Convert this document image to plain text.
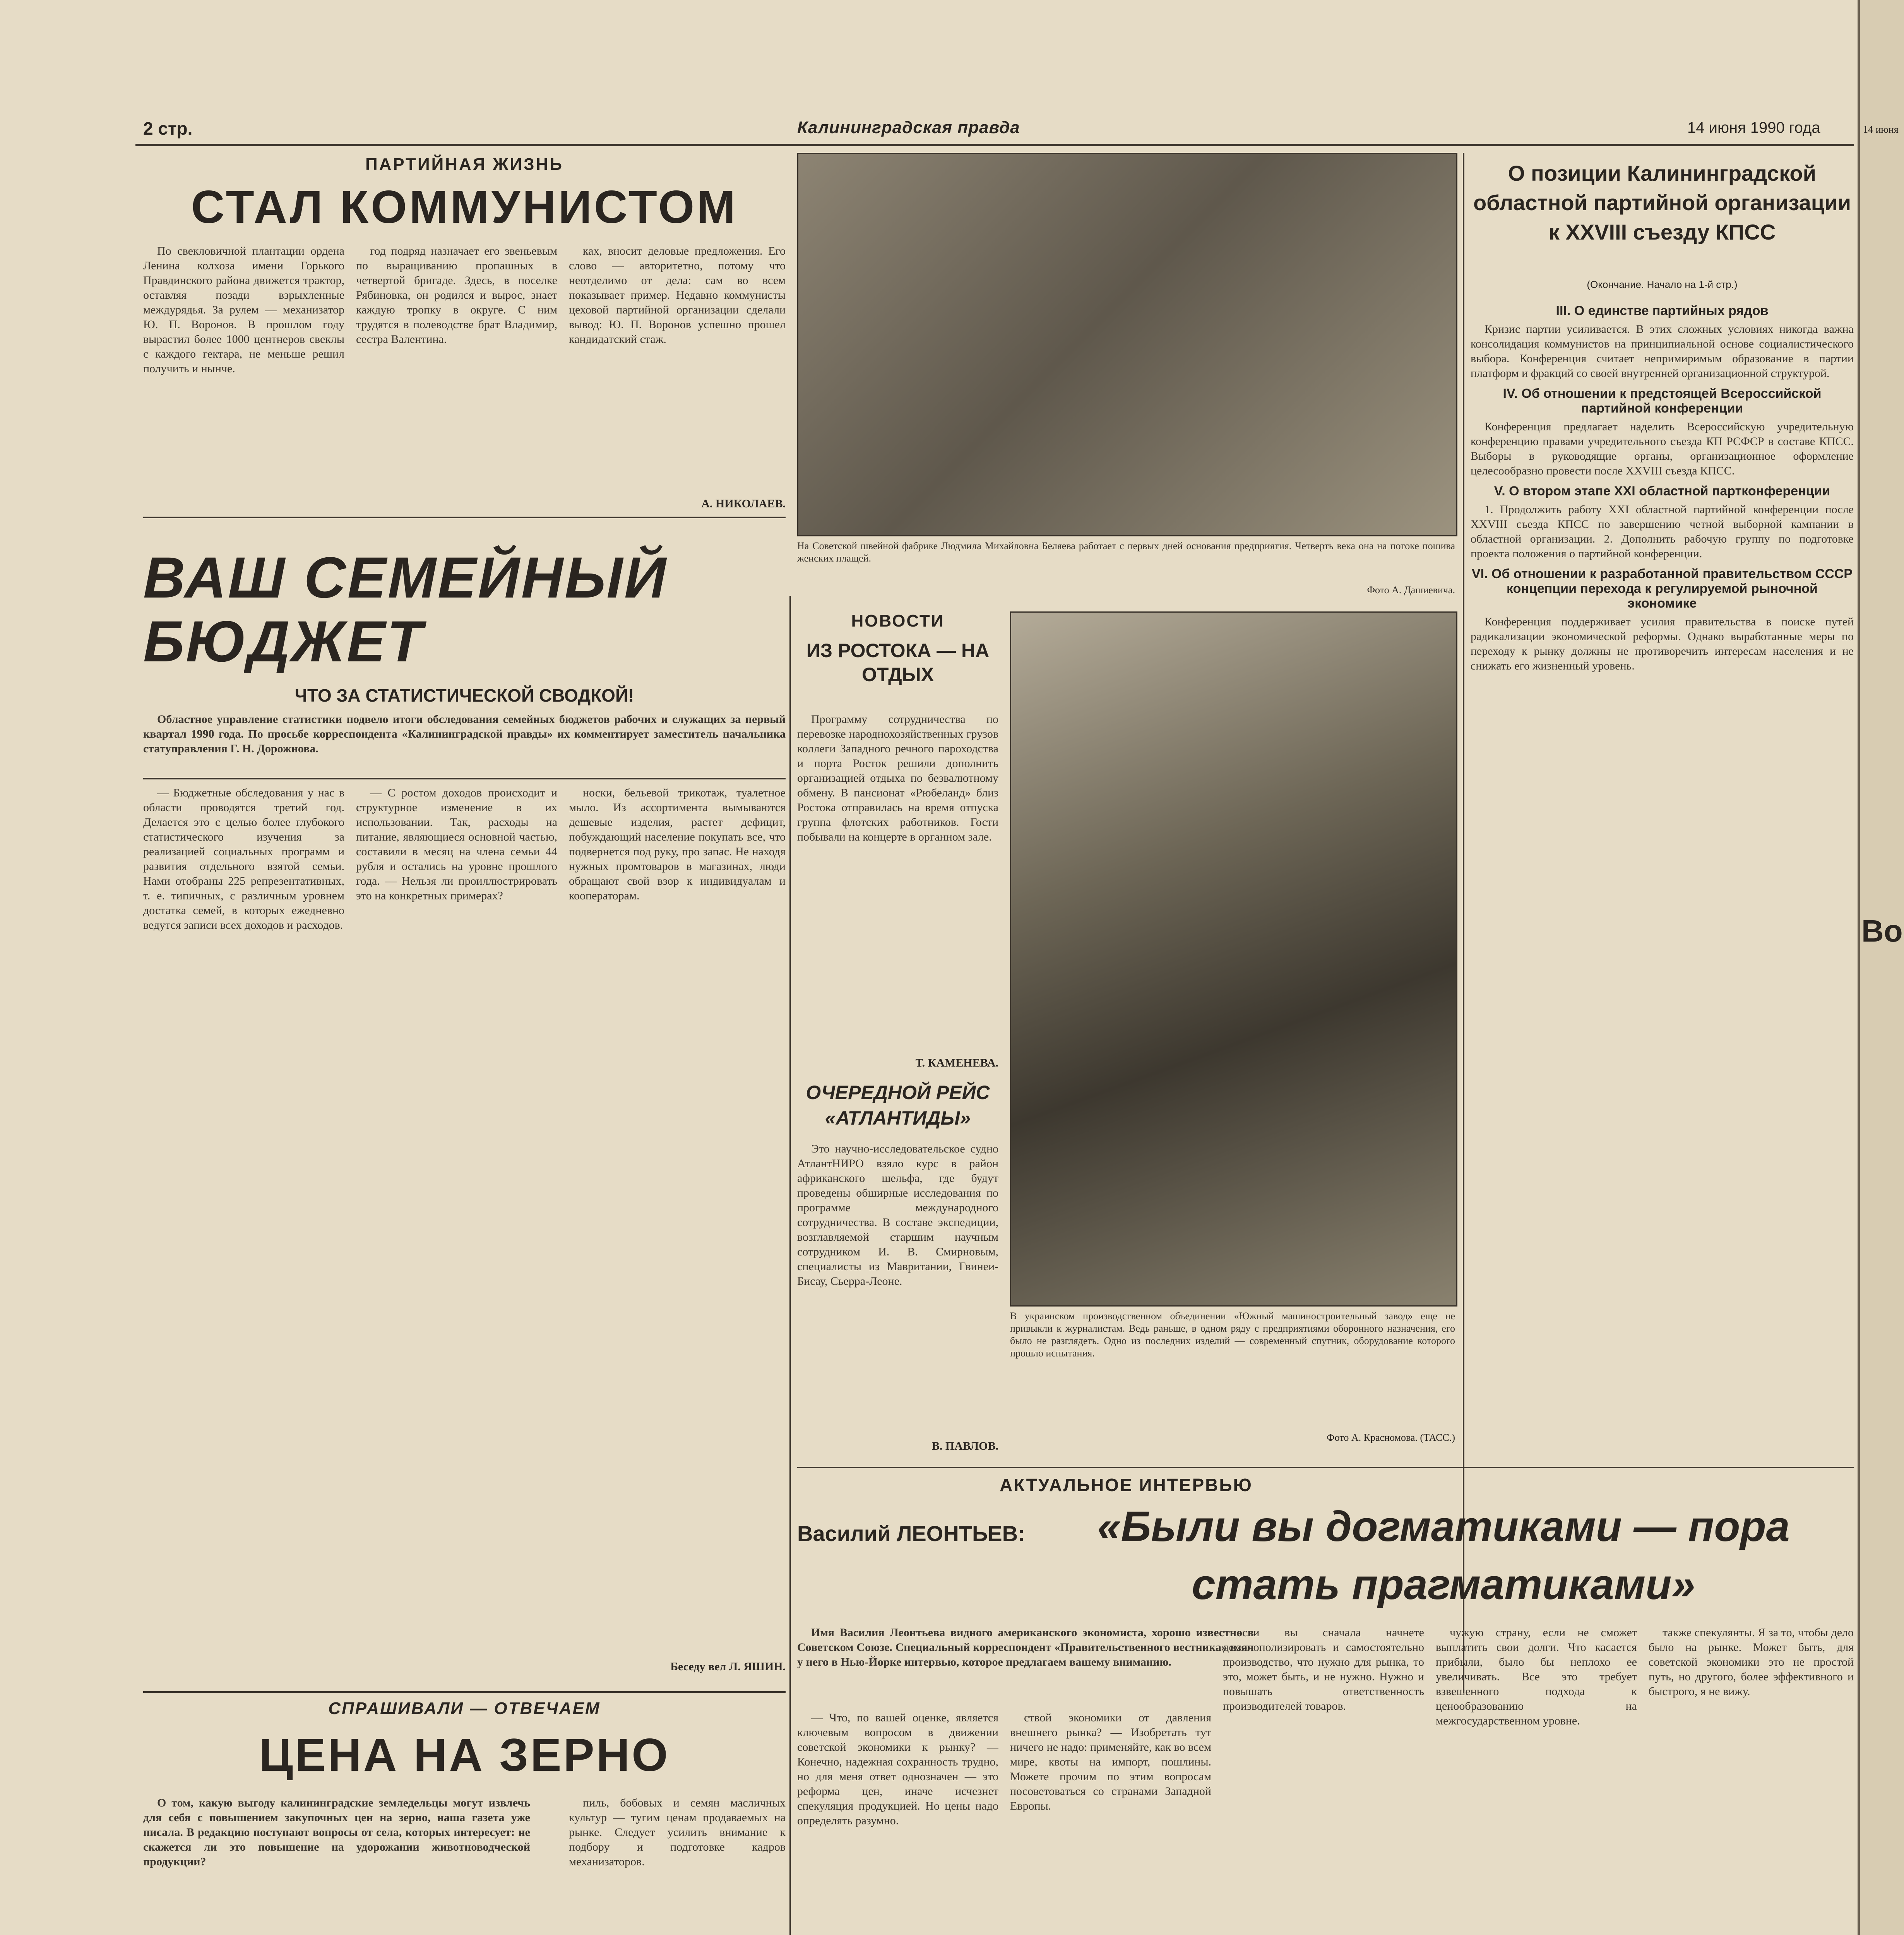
2 стр.	Калининградская правда	14 июня 1990 года
ПАРТИЙНАЯ ЖИЗНЬ
СТАЛ КОММУНИСТОМ

По свекловичной плантации ордена Ленина колхоза имени Горького Правдинского района движется трактор, оставляя позади взрыхленные междурядья. За рулем — механизатор Ю. П. Воронов. В прошлом году вырастил более 1000 центнеров свеклы с каждого гектара, не меньше решил получить и нынче.

год подряд назначает его звеньевым по выращиванию пропашных в четвертой бригаде. Здесь, в поселке Рябиновка, он родился и вырос, знает каждую тропку в округе. С ним трудятся в полеводстве брат Владимир, сестра Валентина.

ках, вносит деловые предложения. Его слово — авторитетно, потому что неотделимо от дела: сам во всем показывает пример. Недавно коммунисты цеховой партийной организации сделали вывод: Ю. П. Воронов успешно прошел кандидатский стаж.

А. НИКОЛАЕВ.
На Советской швейной фабрике Людмила Михайловна Беляева работает с первых дней основания предприятия. Четверть века она на потоке пошива женских плащей.
Фото А. Дашиевича.
О позиции Калининградской областной партийной организации к XXVIII съезду КПСС
(Окончание. Начало на 1-й стр.)
III. О единстве партийных рядов

Кризис партии усиливается. В этих сложных условиях никогда важна консолидация коммунистов на принципиальной основе социалистического выбора. Конференция считает непримиримым образование в партии платформ и фракций со своей внутренней организационной структурой.

IV. Об отношении к предстоящей Всероссийской партийной конференции

Конференция предлагает наделить Всероссийскую учредительную конференцию правами учредительного съезда КП РСФСР в составе КПСС. Выборы в руководящие органы, организационное оформление целесообразно провести после XXVIII съезда КПСС.

V. О втором этапе XXI областной партконференции

1. Продолжить работу XXI областной партийной конференции после XXVIII съезда КПСС по завершению четной выборной кампании в областной организации. 2. Дополнить рабочую группу по подготовке проекта положения о партийной конференции.

VI. Об отношении к разработанной правительством СССР концепции перехода к регулируемой рыночной экономике

Конференция поддерживает усилия правительства в поиске путей радикализации экономической реформы. Однако выработанные меры по переходу к рынку должны не противоречить интересам населения и не снижать его жизненный уровень.

ВАШ СЕМЕЙНЫЙ БЮДЖЕТ
ЧТО ЗА СТАТИСТИЧЕСКОЙ СВОДКОЙ!

Областное управление статистики подвело итоги обследования семейных бюджетов рабочих и служащих за первый квартал 1990 года. По просьбе корреспондента «Калининградской правды» их комментирует заместитель начальника статуправления Г. Н. Дорожнова.

— Бюджетные обследования у нас в области проводятся третий год. Делается это с целью более глубокого статистического изучения за реализацией социальных программ и развития отдельного взятой семьи. Нами отобраны 225 репрезентативных, т. е. типичных, с различным уровнем достатка семей, в которых ежедневно ведутся записи всех доходов и расходов.

— С ростом доходов происходит и структурное изменение в их использовании. Так, расходы на питание, являющиеся основной частью, составили в месяц на члена семьи 44 рубля и остались на уровне прошлого года. — Нельзя ли проиллюстрировать это на конкретных примерах?

носки, бельевой трикотаж, туалетное мыло. Из ассортимента вымываются дешевые изделия, растет дефицит, побуждающий население покупать все, что подвернется под руку, про запас. Не находя нужных промтоваров в магазинах, люди обращают свой взор к индивидуалам и кооператорам.

Беседу вел Л. ЯШИН.
СПРАШИВАЛИ — ОТВЕЧАЕМ
ЦЕНА НА ЗЕРНО

О том, какую выгоду калининградские земледельцы могут извлечь для себя с повышением закупочных цен на зерно, наша газета уже писала. В редакцию поступают вопросы от села, которых интересует: не скажется ли это повышение на удорожании животноводческой продукции?

пиль, бобовых и семян масличных культур — тугим ценам продаваемых на рынке. Следует усилить внимание к подбору и подготовке кадров механизаторов.

НОВОСТИ
ИЗ РОСТОКА — НА ОТДЫХ

Программу сотрудничества по перевозке народнохозяйственных грузов коллеги Западного речного пароходства и порта Росток решили дополнить организацией отдыха по безвалютному обмену. В пансионат «Рюбеланд» близ Ростока отправилась на время отпуска группа флотских работников. Гости побывали на концерте в органном зале.

Т. КАМЕНЕВА.
ОЧЕРЕДНОЙ РЕЙС «АТЛАНТИДЫ»

Это научно-исследовательское судно АтлантНИРО взяло курс в район африканского шельфа, где будут проведены обширные исследования по программе международного сотрудничества. В составе экспедиции, возглавляемой старшим научным сотрудником И. В. Смирновым, специалисты из Мавритании, Гвинеи-Бисау, Сьерра-Леоне.

В. ПАВЛОВ.
В украинском производственном объединении «Южный машиностроительный завод» еще не привыкли к журналистам. Ведь раньше, в одном ряду с предприятиями оборонного назначения, его было не разглядеть. Одно из последних изделий — современный спутник, оборудование которого прошло испытания.
Фото А. Красномова. (ТАСС.)
АКТУАЛЬНОЕ ИНТЕРВЬЮ
Василий ЛЕОНТЬЕВ:	«Были вы догматиками — пора стать прагматиками»

Имя Василия Леонтьева видного американского экономиста, хорошо известно в Советском Союзе. Специальный корреспондент «Правительственного вестника» взял у него в Нью-Йорке интервью, которое предлагаем вашему вниманию.

— Что, по вашей оценке, является ключевым вопросом в движении советской экономики к рынку? — Конечно, надежная сохранность трудно, но для меня ответ однозначен — это реформа цен, иначе исчезнет спекуляция продукцией. Но цены надо определять разумно.

ствой экономики от давления внешнего рынка? — Изобретать тут ничего не надо: применяйте, как во всем мире, квоты на импорт, пошлины. Можете прочим по этим вопросам посоветоваться со странами Западной Европы.

если вы сначала начнете демонополизировать и самостоятельно производство, что нужно для рынка, то это, может быть, и не нужно. Нужно и повышать ответственность производителей товаров.

чужую страну, если не сможет выплатить свои долги. Что касается прибыли, было бы неплохо ее увеличивать. Все это требует взвешенного подхода к ценообразованию на межгосударственном уровне.

также спекулянты. Я за то, чтобы дело было на рынке. Может быть, для советской экономики это не простой путь, но другого, более эффективного и быстрого, я не вижу.

14 июня
Во
